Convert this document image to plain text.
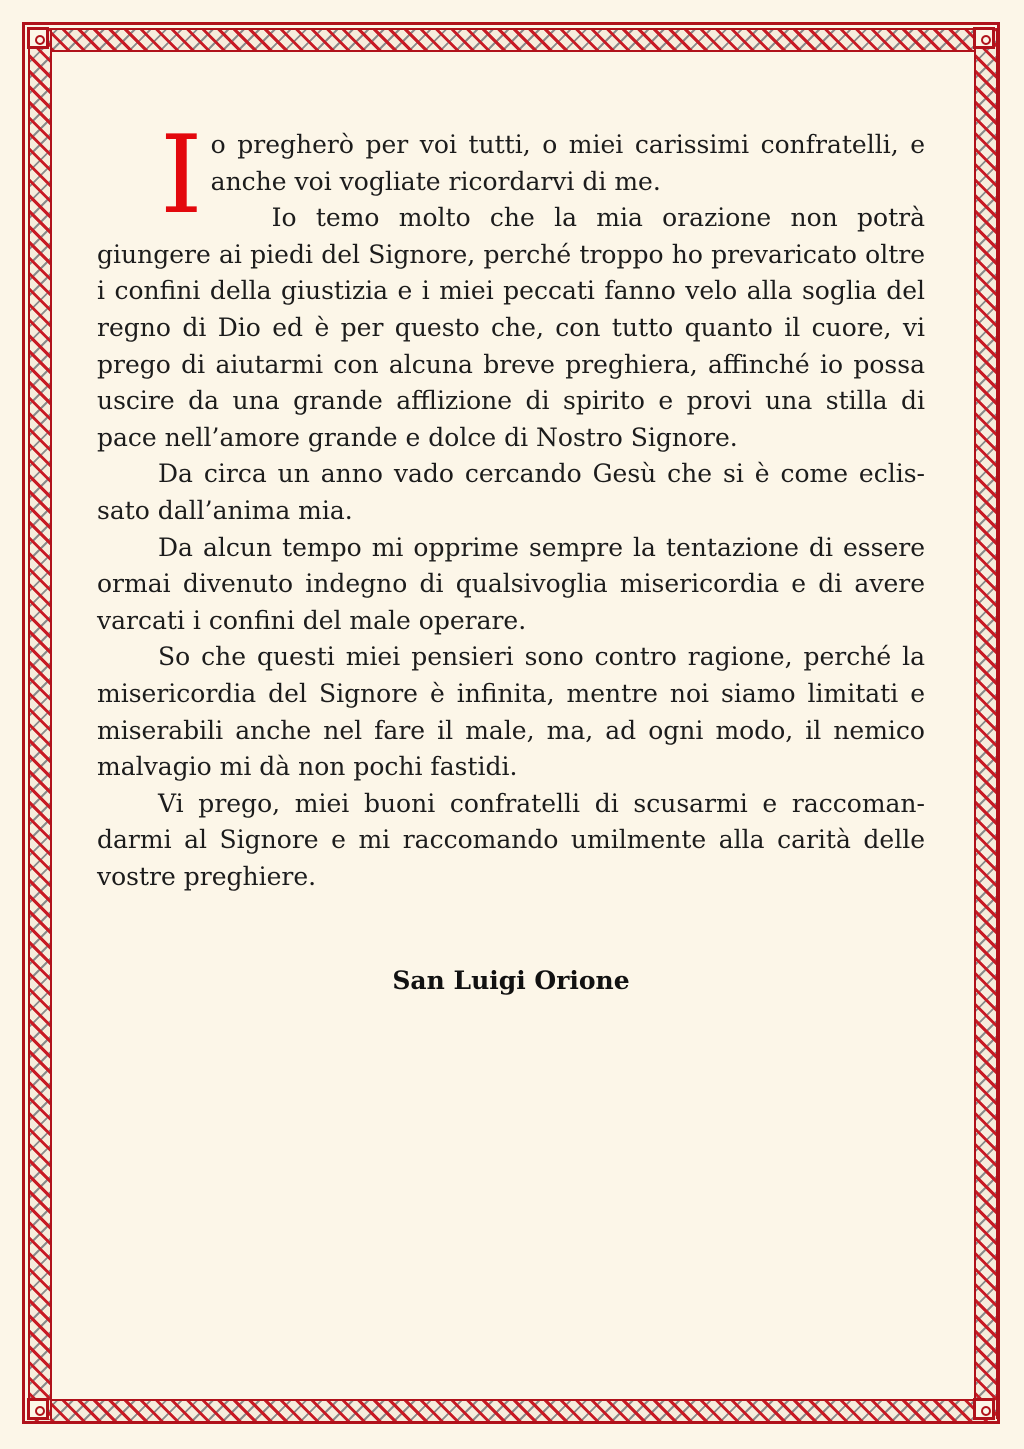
Io pregherò per voi tutti, o miei carissimi confratelli, e anche voi vogliate ricordarvi di me.

Io temo molto che la mia orazione non potrà giungere ai piedi del Signore, perché troppo ho prevaricato oltre i confini della giustizia e i miei peccati fanno velo alla soglia del regno di Dio ed è per questo che, con tutto quanto il cuore, vi prego di aiutarmi con alcuna breve preghiera, affinché io possa uscire da una grande afflizione di spirito e provi una stilla di pace nell’amore grande e dolce di Nostro Signore.

Da circa un anno vado cercando Gesù che si è come eclissato dall’anima mia.

Da alcun tempo mi opprime sempre la tentazione di essere ormai divenuto indegno di qualsivoglia misericordia e di avere varcati i confini del male operare.

So che questi miei pensieri sono contro ragione, perché la misericordia del Signore è infinita, mentre noi siamo limitati e miserabili anche nel fare il male, ma, ad ogni modo, il nemico malvagio mi dà non pochi fastidi.

Vi prego, miei buoni confratelli di scusarmi e raccomandarmi al Signore e mi raccomando umilmente alla carità delle vostre preghiere.

San Luigi Orione
